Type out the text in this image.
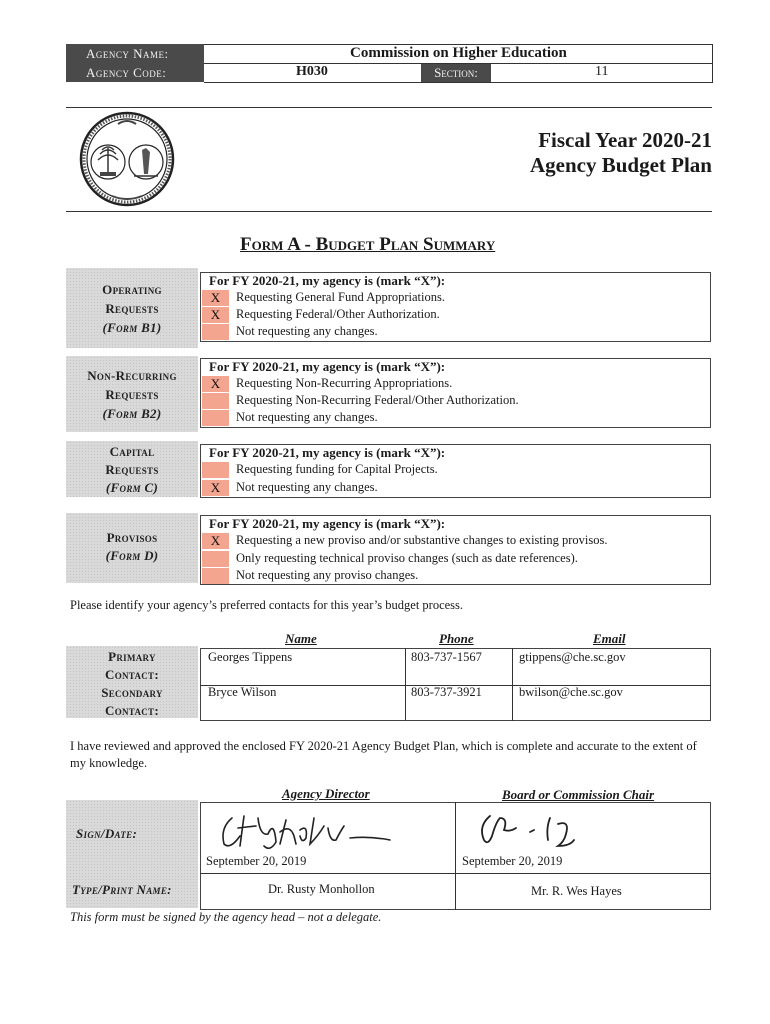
Agency Name:
Agency Code:
Commission on Higher Education
H030	Section:	11
Fiscal Year 2020-21
Agency Budget Plan
Form A - Budget Plan Summary
Operating
Requests
(Form B1)
For FY 2020-21, my agency is (mark “X”):
X	Requesting General Fund Appropriations.
X	Requesting Federal/Other Authorization.
Not requesting any changes.
Non-Recurring
Requests
(Form B2)
For FY 2020-21, my agency is (mark “X”):
X	Requesting Non-Recurring Appropriations.
Requesting Non-Recurring Federal/Other Authorization.
Not requesting any changes.
Capital
Requests
(Form C)
For FY 2020-21, my agency is (mark “X”):
Requesting funding for Capital Projects.
X	Not requesting any changes.
Provisos
(Form D)
For FY 2020-21, my agency is (mark “X”):
X	Requesting a new proviso and/or substantive changes to existing provisos.
Only requesting technical proviso changes (such as date references).
Not requesting any proviso changes.
Please identify your agency’s preferred contacts for this year’s budget process.
Name	Phone	Email
Primary
Contact:
Secondary
Contact:
Georges Tippens	803-737-1567	gtippens@che.sc.gov
Bryce Wilson	803-737-3921	bwilson@che.sc.gov
I have reviewed and approved the enclosed FY 2020-21 Agency Budget Plan, which is complete and accurate to the extent of my knowledge.
Agency Director	Board or Commission Chair
Sign/Date:
Type/Print Name:
September 20, 2019	September 20, 2019
Dr. Rusty Monhollon	Mr. R. Wes Hayes
This form must be signed by the agency head – not a delegate.
